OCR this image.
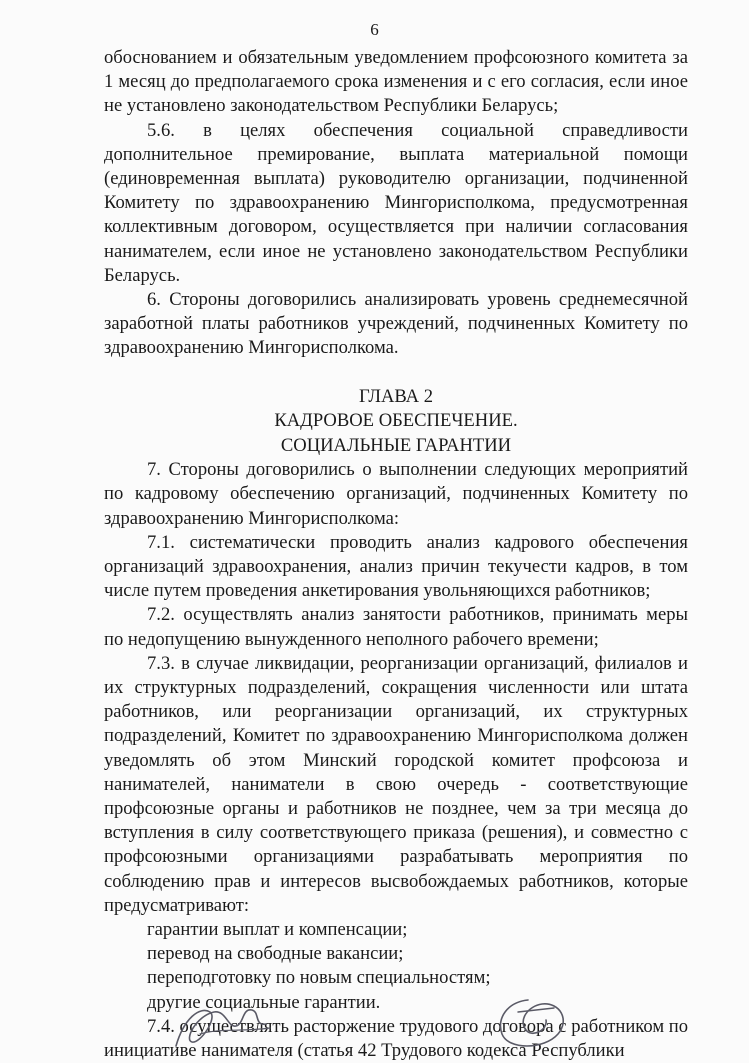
6

обоснованием и обязательным уведомлением профсоюзного комитета за 1 месяц до предполагаемого срока изменения и с его согласия, если иное не установлено законодательством Республики Беларусь;

5.6. в целях обеспечения социальной справедливости дополнительное премирование, выплата материальной помощи (единовременная выплата) руководителю организации, подчиненной Комитету по здравоохранению Мингорисполкома, предусмотренная коллективным договором, осуществляется при наличии согласования нанимателем, если иное не установлено законодательством Республики Беларусь.

6. Стороны договорились анализировать уровень среднемесячной заработной платы работников учреждений, подчиненных Комитету по здравоохранению Мингорисполкома.

ГЛАВА 2

КАДРОВОЕ ОБЕСПЕЧЕНИЕ.

СОЦИАЛЬНЫЕ ГАРАНТИИ

7. Стороны договорились о выполнении следующих мероприятий по кадровому обеспечению организаций, подчиненных Комитету по здравоохранению Мингорисполкома:

7.1. систематически проводить анализ кадрового обеспечения организаций здравоохранения, анализ причин текучести кадров, в том числе путем проведения анкетирования увольняющихся работников;

7.2. осуществлять анализ занятости работников, принимать меры по недопущению вынужденного неполного рабочего времени;

7.3. в случае ликвидации, реорганизации организаций, филиалов и их структурных подразделений, сокращения численности или штата работников, или реорганизации организаций, их структурных подразделений, Комитет по здравоохранению Мингорисполкома должен уведомлять об этом Минский городской комитет профсоюза и нанимателей, наниматели в свою очередь - соответствующие профсоюзные органы и работников не позднее, чем за три месяца до вступления в силу соответствующего приказа (решения), и совместно с профсоюзными организациями разрабатывать мероприятия по соблюдению прав и интересов высвобождаемых работников, которые предусматривают:

гарантии выплат и компенсации;

перевод на свободные вакансии;

переподготовку по новым специальностям;

другие социальные гарантии.

7.4. осуществлять расторжение трудового договора с работником по инициативе нанимателя (статья 42 Трудового кодекса Республики
